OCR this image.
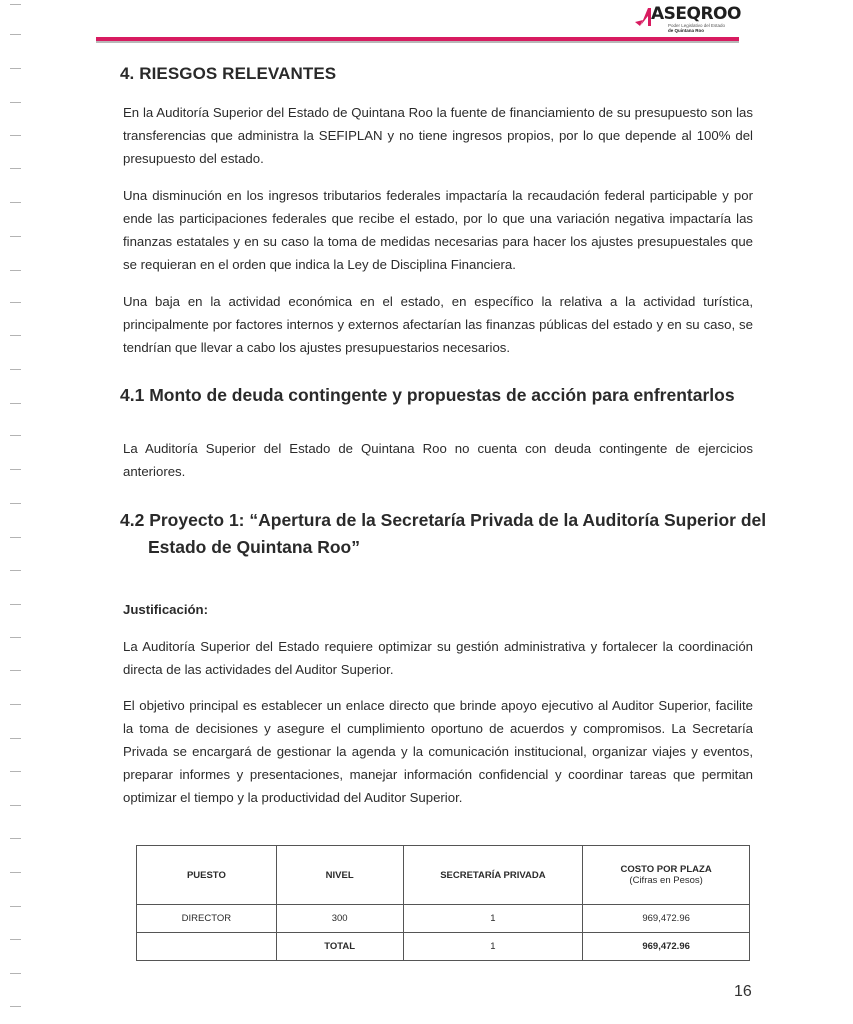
ASEQROO
Poder Legislativo del Estado
de Quintana Roo
4. RIESGOS RELEVANTES
En la Auditoría Superior del Estado de Quintana Roo la fuente de financiamiento de su presupuesto son las transferencias que administra la SEFIPLAN y no tiene ingresos propios, por lo que depende al 100% del presupuesto del estado.
Una disminución en los ingresos tributarios federales impactaría la recaudación federal participable y por ende las participaciones federales que recibe el estado, por lo que una variación negativa impactaría las finanzas estatales y en su caso la toma de medidas necesarias para hacer los ajustes presupuestales que se requieran en el orden que indica la Ley de Disciplina Financiera.
Una baja en la actividad económica en el estado, en específico la relativa a la actividad turística, principalmente por factores internos y externos afectarían las finanzas públicas del estado y en su caso, se tendrían que llevar a cabo los ajustes presupuestarios necesarios.
4.1 Monto de deuda contingente y propuestas de acción para enfrentarlos
La Auditoría Superior del Estado de Quintana Roo no cuenta con deuda contingente de ejercicios anteriores.
4.2 Proyecto 1: “Apertura de la Secretaría Privada de la Auditoría Superior del
Estado de Quintana Roo”
Justificación:
La Auditoría Superior del Estado requiere optimizar su gestión administrativa y fortalecer la coordinación directa de las actividades del Auditor Superior.
El objetivo principal es establecer un enlace directo que brinde apoyo ejecutivo al Auditor Superior, facilite la toma de decisiones y asegure el cumplimiento oportuno de acuerdos y compromisos. La Secretaría Privada se encargará de gestionar la agenda y la comunicación institucional, organizar viajes y eventos, preparar informes y presentaciones, manejar información confidencial y coordinar tareas que permitan optimizar el tiempo y la productividad del Auditor Superior.
PUESTO	NIVEL	SECRETARÍA PRIVADA	COSTO POR PLAZA
(Cifras en Pesos)
DIRECTOR	300	1	969,472.96
	TOTAL	1	969,472.96
16
